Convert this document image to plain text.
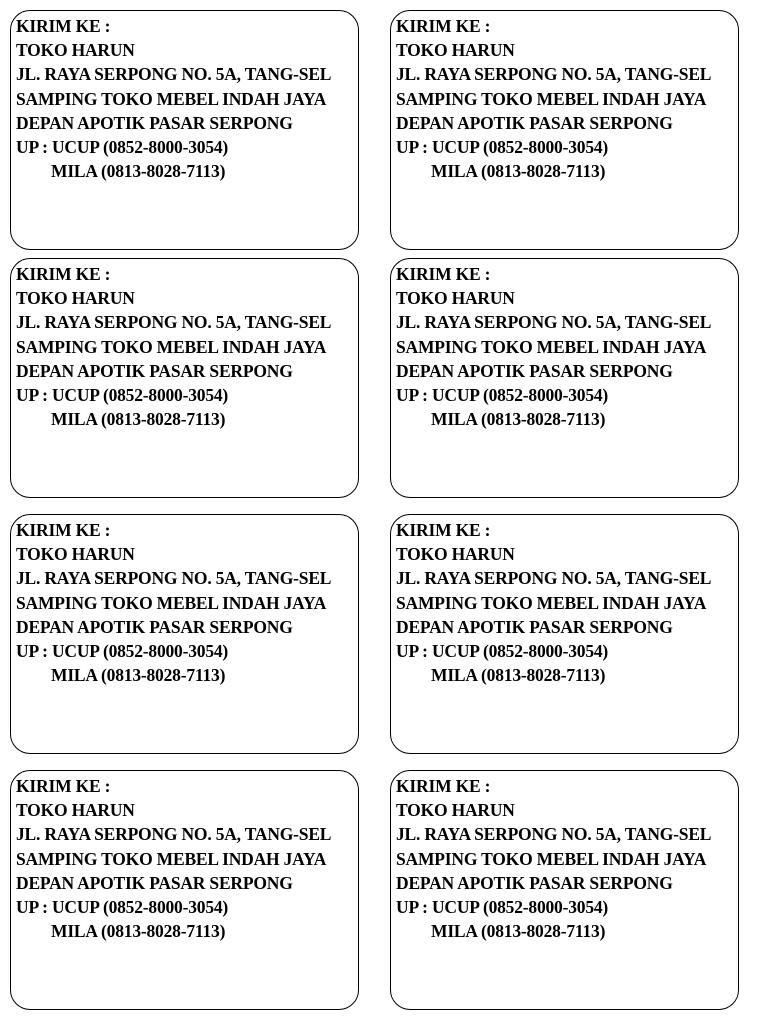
KIRIM KE :
TOKO HARUN
JL. RAYA SERPONG NO. 5A, TANG-SEL
SAMPING TOKO MEBEL INDAH JAYA
DEPAN APOTIK PASAR SERPONG
UP : UCUP (0852-8000-3054)
MILA (0813-8028-7113)
KIRIM KE :
TOKO HARUN
JL. RAYA SERPONG NO. 5A, TANG-SEL
SAMPING TOKO MEBEL INDAH JAYA
DEPAN APOTIK PASAR SERPONG
UP : UCUP (0852-8000-3054)
MILA (0813-8028-7113)
KIRIM KE :
TOKO HARUN
JL. RAYA SERPONG NO. 5A, TANG-SEL
SAMPING TOKO MEBEL INDAH JAYA
DEPAN APOTIK PASAR SERPONG
UP : UCUP (0852-8000-3054)
MILA (0813-8028-7113)
KIRIM KE :
TOKO HARUN
JL. RAYA SERPONG NO. 5A, TANG-SEL
SAMPING TOKO MEBEL INDAH JAYA
DEPAN APOTIK PASAR SERPONG
UP : UCUP (0852-8000-3054)
MILA (0813-8028-7113)
KIRIM KE :
TOKO HARUN
JL. RAYA SERPONG NO. 5A, TANG-SEL
SAMPING TOKO MEBEL INDAH JAYA
DEPAN APOTIK PASAR SERPONG
UP : UCUP (0852-8000-3054)
MILA (0813-8028-7113)
KIRIM KE :
TOKO HARUN
JL. RAYA SERPONG NO. 5A, TANG-SEL
SAMPING TOKO MEBEL INDAH JAYA
DEPAN APOTIK PASAR SERPONG
UP : UCUP (0852-8000-3054)
MILA (0813-8028-7113)
KIRIM KE :
TOKO HARUN
JL. RAYA SERPONG NO. 5A, TANG-SEL
SAMPING TOKO MEBEL INDAH JAYA
DEPAN APOTIK PASAR SERPONG
UP : UCUP (0852-8000-3054)
MILA (0813-8028-7113)
KIRIM KE :
TOKO HARUN
JL. RAYA SERPONG NO. 5A, TANG-SEL
SAMPING TOKO MEBEL INDAH JAYA
DEPAN APOTIK PASAR SERPONG
UP : UCUP (0852-8000-3054)
MILA (0813-8028-7113)
